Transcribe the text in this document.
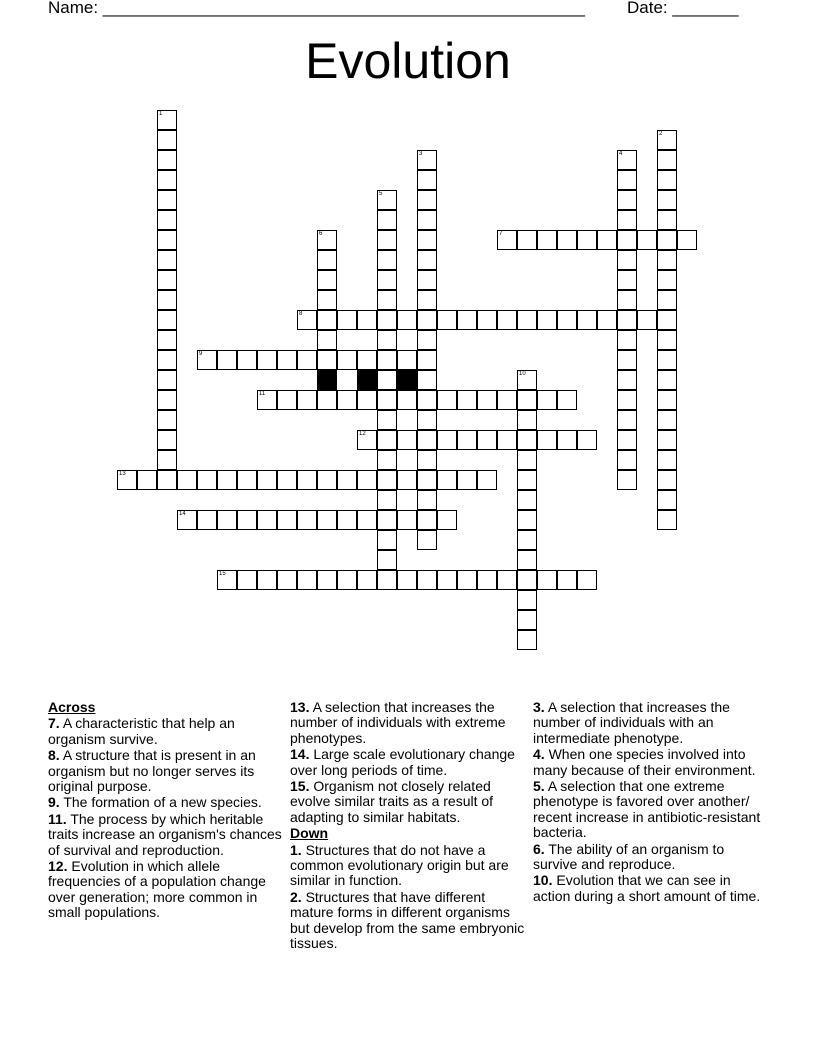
Name: ___________________________________________________ Date: _______
Evolution
1
2
3	4
5
6	7
8
9
10
11
12
13
14
15

Across

7. A characteristic that help an organism survive.

8. A structure that is present in an organism but no longer serves its original purpose.

9. The formation of a new species.

11. The process by which heritable traits increase an organism's chances of survival and reproduction.

12. Evolution in which allele frequencies of a population change over generation; more common in small populations.

13. A selection that increases the number of individuals with extreme phenotypes.

14. Large scale evolutionary change over long periods of time.

15. Organism not closely related evolve similar traits as a result of adapting to similar habitats.

Down

1. Structures that do not have a common evolutionary origin but are similar in function.

2. Structures that have different mature forms in different organisms but develop from the same embryonic tissues.

3. A selection that increases the number of individuals with an intermediate phenotype.

4. When one species involved into many because of their environment.

5. A selection that one extreme phenotype is favored over another/ recent increase in antibiotic-resistant bacteria.

6. The ability of an organism to survive and reproduce.

10. Evolution that we can see in action during a short amount of time.
